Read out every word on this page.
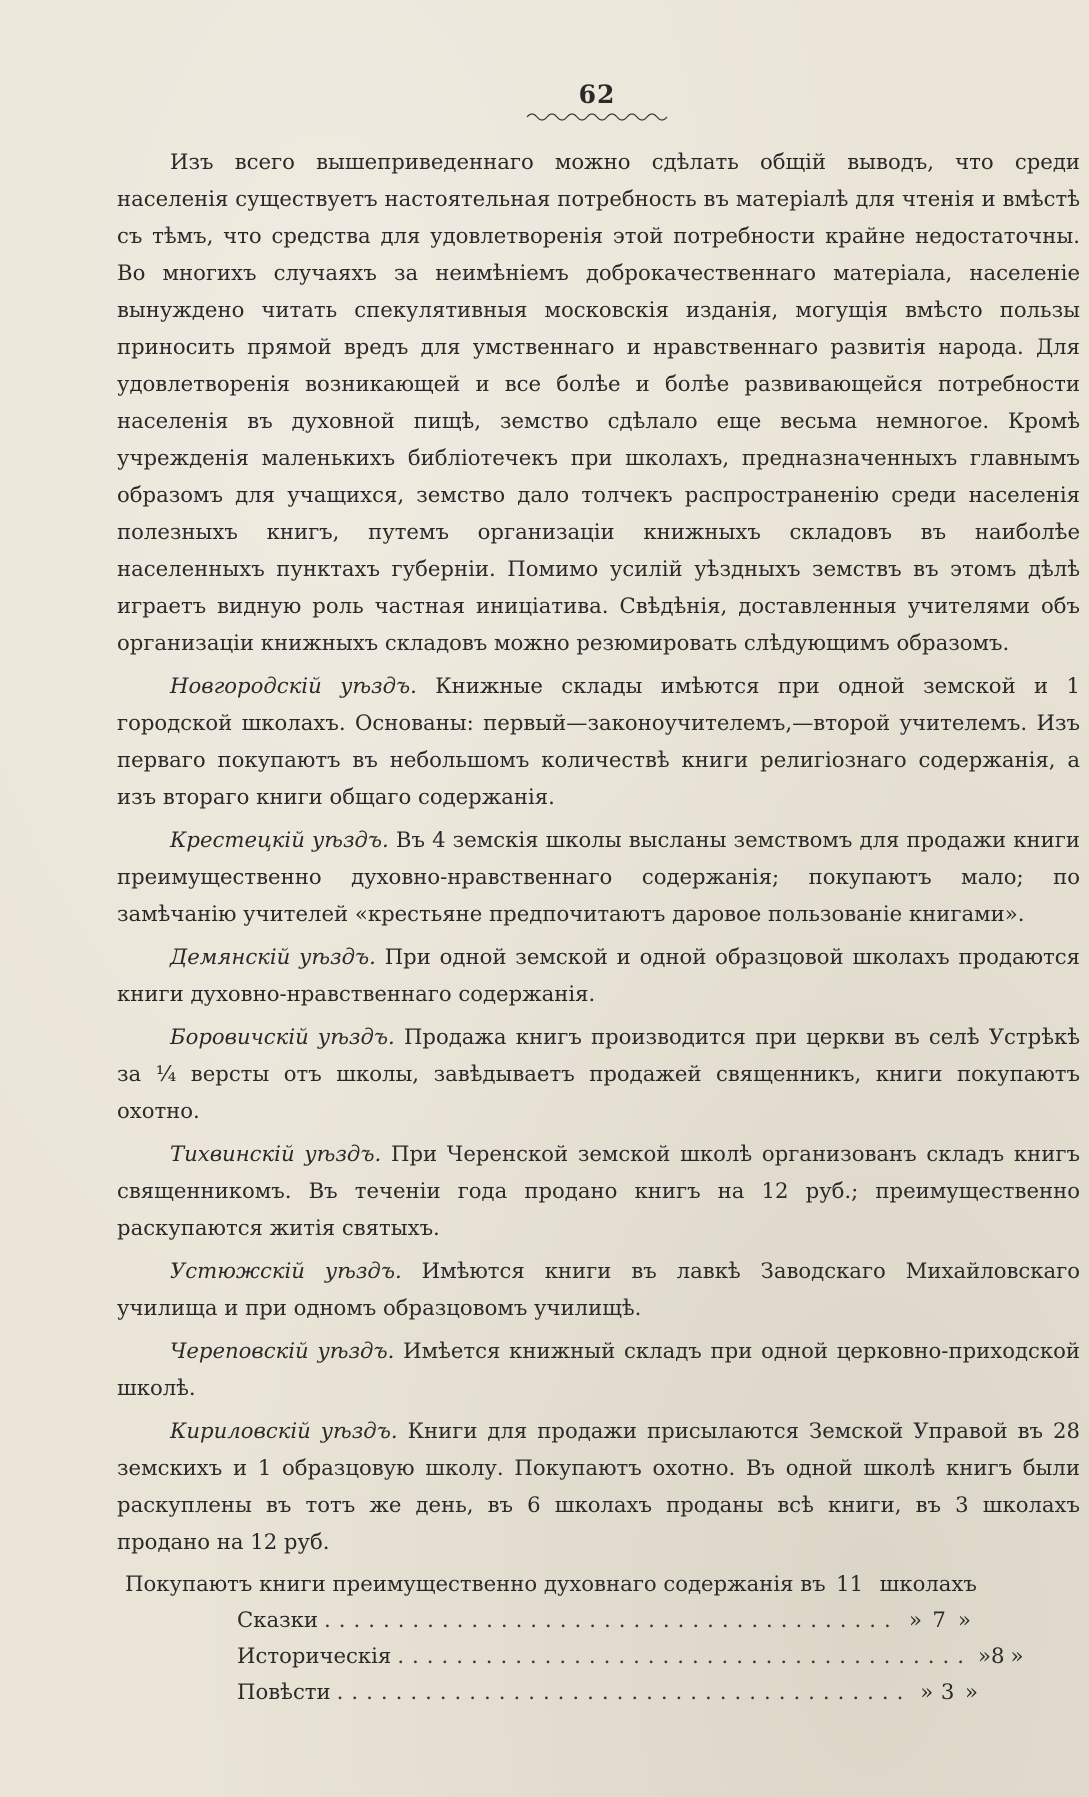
62

Изъ всего вышеприведеннаго можно сдѣлать общій выводъ, что среди населенія существуетъ настоятельная потребность въ матеріалѣ для чтенія и вмѣстѣ съ тѣмъ, что средства для удовлетворенія этой потребности крайне недостаточны. Во многихъ случаяхъ за неимѣніемъ доброкачественнаго матеріала, населеніе вынуждено читать спекулятивныя московскія изданія, могущія вмѣсто пользы приносить прямой вредъ для умственнаго и нравственнаго развитія народа. Для удовлетворенія возникающей и все болѣе и болѣе развивающейся потребности населенія въ духовной пищѣ, земство сдѣлало еще весьма немногое. Кромѣ учрежденія маленькихъ библіотечекъ при школахъ, предназначенныхъ главнымъ образомъ для учащихся, земство дало толчекъ распространенію среди населенія полезныхъ книгъ, путемъ организаціи книжныхъ складовъ въ наиболѣе населенныхъ пунктахъ губерніи. Помимо усилій уѣздныхъ земствъ въ этомъ дѣлѣ играетъ видную роль частная иниціатива. Свѣдѣнія, доставленныя учителями объ организаціи книжныхъ складовъ можно резюмировать слѣдующимъ образомъ.

Новгородскій уѣздъ. Книжные склады имѣются при одной земской и 1 городской школахъ. Основаны: первый—законоучителемъ,—второй учителемъ. Изъ перваго покупаютъ въ небольшомъ количествѣ книги религіознаго содержанія, а изъ втораго книги общаго содержанія.

Крестецкій уѣздъ. Въ 4 земскія школы высланы земствомъ для продажи книги преимущественно духовно-нравственнаго содержанія; покупаютъ мало; по замѣчанію учителей «крестьяне предпочитаютъ даровое пользованіе книгами».

Демянскій уѣздъ. При одной земской и одной образцовой школахъ продаются книги духовно-нравственнаго содержанія.

Боровичскій уѣздъ. Продажа книгъ производится при церкви въ селѣ Устрѣкѣ за ¼ версты отъ школы, завѣдываетъ продажей священникъ, книги покупаютъ охотно.

Тихвинскій уѣздъ. При Черенской земской школѣ организованъ складъ книгъ священникомъ. Въ теченіи года продано книгъ на 12 руб.; преимущественно раскупаются житія святыхъ.

Устюжскій уѣздъ. Имѣются книги въ лавкѣ Заводскаго Михайловскаго училища и при одномъ образцовомъ училищѣ.

Череповскій уѣздъ. Имѣется книжный складъ при одной церковно-приходской школѣ.

Кириловскій уѣздъ. Книги для продажи присылаются Земской Управой въ 28 земскихъ и 1 образцовую школу. Покупаютъ охотно. Въ одной школѣ книгъ были раскуплены въ тотъ же день, въ 6 школахъ проданы всѣ книги, въ 3 школахъ продано на 12 руб.

Покупаютъ книги преимущественно духовнаго содержанія въ 11 школахъ
Сказки ....................................... » 7 »
Историческія ....................................... » 8 »
Повѣсти ....................................... » 3 »
